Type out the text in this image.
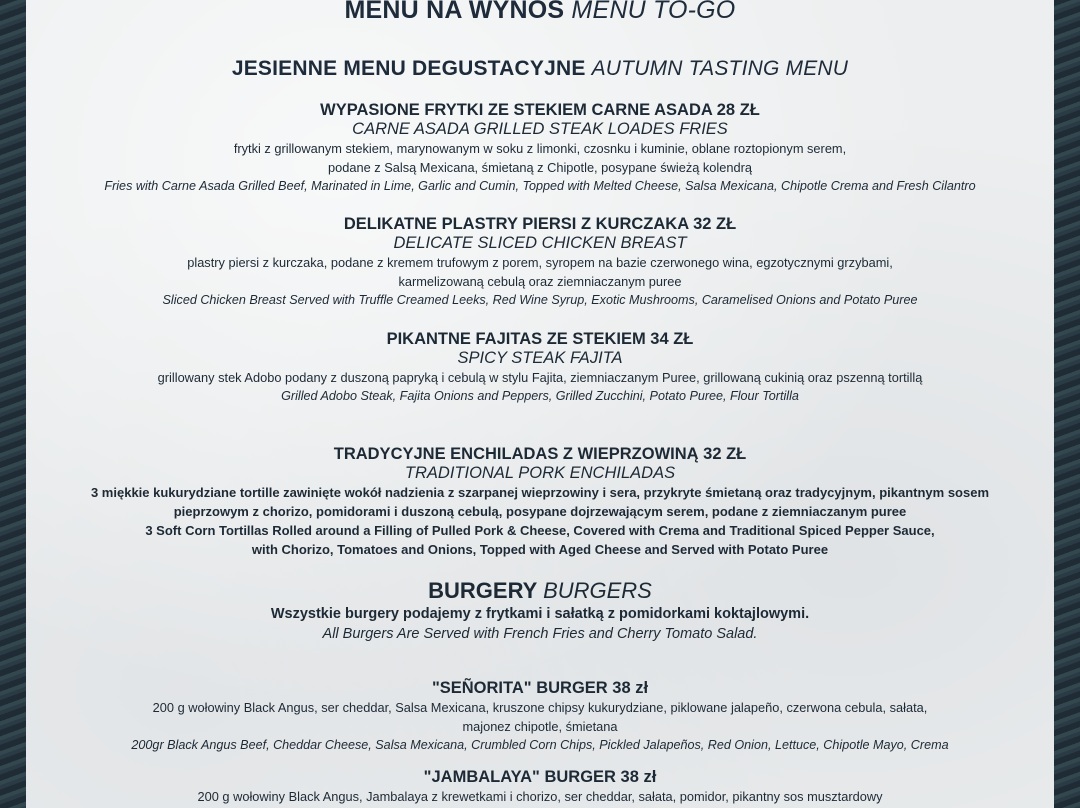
MENU NA WYNOS MENU TO-GO
JESIENNE MENU DEGUSTACYJNE AUTUMN TASTING MENU
WYPASIONE FRYTKI ZE STEKIEM CARNE ASADA 28 ZŁ
CARNE ASADA GRILLED STEAK LOADES FRIES
frytki z grillowanym stekiem, marynowanym w soku z limonki, czosnku i kuminie, oblane roztopionym serem,
podane z Salsą Mexicana, śmietaną z Chipotle, posypane świeżą kolendrą
Fries with Carne Asada Grilled Beef, Marinated in Lime, Garlic and Cumin, Topped with Melted Cheese, Salsa Mexicana, Chipotle Crema and Fresh Cilantro
DELIKATNE PLASTRY PIERSI Z KURCZAKA 32 ZŁ
DELICATE SLICED CHICKEN BREAST
plastry piersi z kurczaka, podane z kremem trufowym z porem, syropem na bazie czerwonego wina, egzotycznymi grzybami,
karmelizowaną cebulą oraz ziemniaczanym puree
Sliced Chicken Breast Served with Truffle Creamed Leeks, Red Wine Syrup, Exotic Mushrooms, Caramelised Onions and Potato Puree
PIKANTNE FAJITAS ZE STEKIEM 34 ZŁ
SPICY STEAK FAJITA
grillowany stek Adobo podany z duszoną papryką i cebulą w stylu Fajita, ziemniaczanym Puree, grillowaną cukinią oraz pszenną tortillą
Grilled Adobo Steak, Fajita Onions and Peppers, Grilled Zucchini, Potato Puree, Flour Tortilla
TRADYCYJNE ENCHILADAS Z WIEPRZOWINĄ 32 ZŁ
TRADITIONAL PORK ENCHILADAS
3 miękkie kukurydziane tortille zawinięte wokół nadzienia z szarpanej wieprzowiny i sera, przykryte śmietaną oraz tradycyjnym, pikantnym sosem
pieprzowym z chorizo, pomidorami i duszoną cebulą, posypane dojrzewającym serem, podane z ziemniaczanym puree
3 Soft Corn Tortillas Rolled around a Filling of Pulled Pork & Cheese, Covered with Crema and Traditional Spiced Pepper Sauce,
with Chorizo, Tomatoes and Onions, Topped with Aged Cheese and Served with Potato Puree
BURGERY BURGERS
Wszystkie burgery podajemy z frytkami i sałatką z pomidorkami koktajlowymi.
All Burgers Are Served with French Fries and Cherry Tomato Salad.
"SEÑORITA" BURGER 38 zł
200 g wołowiny Black Angus, ser cheddar, Salsa Mexicana, kruszone chipsy kukurydziane, piklowane jalapeño, czerwona cebula, sałata,
majonez chipotle, śmietana
200gr Black Angus Beef, Cheddar Cheese, Salsa Mexicana, Crumbled Corn Chips, Pickled Jalapeños, Red Onion, Lettuce, Chipotle Mayo, Crema
"JAMBALAYA" BURGER 38 zł
200 g wołowiny Black Angus, Jambalaya z krewetkami i chorizo, ser cheddar, sałata, pomidor, pikantny sos musztardowy
